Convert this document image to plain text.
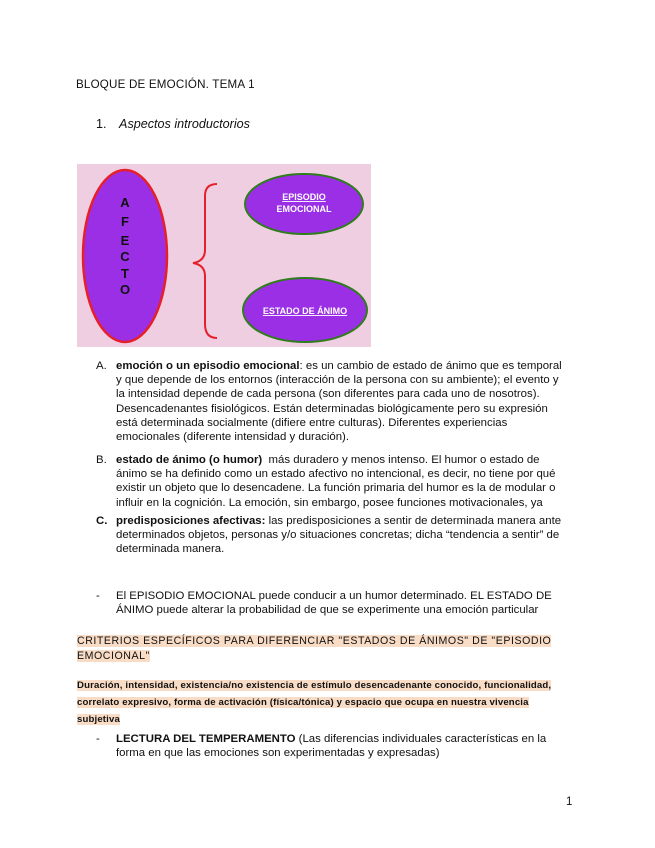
BLOQUE DE EMOCIÓN. TEMA 1
1. Aspectos introductorios
A
F
E
C
T
O
EPISODIO
EMOCIONAL
ESTADO DE ÁNIMO
A. emoción o un episodio emocional: es un cambio de estado de ánimo que es temporal
y que depende de los entornos (interacción de la persona con su ambiente); el evento y
la intensidad depende de cada persona (son diferentes para cada uno de nosotros).
Desencadenantes fisiológicos. Están determinadas biológicamente pero su expresión
está determinada socialmente (difiere entre culturas). Diferentes experiencias
emocionales (diferente intensidad y duración).
B. estado de ánimo (o humor)  más duradero y menos intenso. El humor o estado de
ánimo se ha definido como un estado afectivo no intencional, es decir, no tiene por qué
existir un objeto que lo desencadene. La función primaria del humor es la de modular o
influir en la cognición. La emoción, sin embargo, posee funciones motivacionales, ya
C. predisposiciones afectivas: las predisposiciones a sentir de determinada manera ante
determinados objetos, personas y/o situaciones concretas; dicha “tendencia a sentir” de
determinada manera.
- El EPISODIO EMOCIONAL puede conducir a un humor determinado. EL ESTADO DE
ÁNIMO puede alterar la probabilidad de que se experimente una emoción particular
CRITERIOS ESPECÍFICOS PARA DIFERENCIAR "ESTADOS DE ÁNIMOS" DE "EPISODIO
EMOCIONAL"
Duración, intensidad, existencia/no existencia de estímulo desencadenante conocido, funcionalidad,
correlato expresivo, forma de activación (física/tónica) y espacio que ocupa en nuestra vivencia
subjetiva
- LECTURA DEL TEMPERAMENTO (Las diferencias individuales características en la
forma en que las emociones son experimentadas y expresadas)
1
